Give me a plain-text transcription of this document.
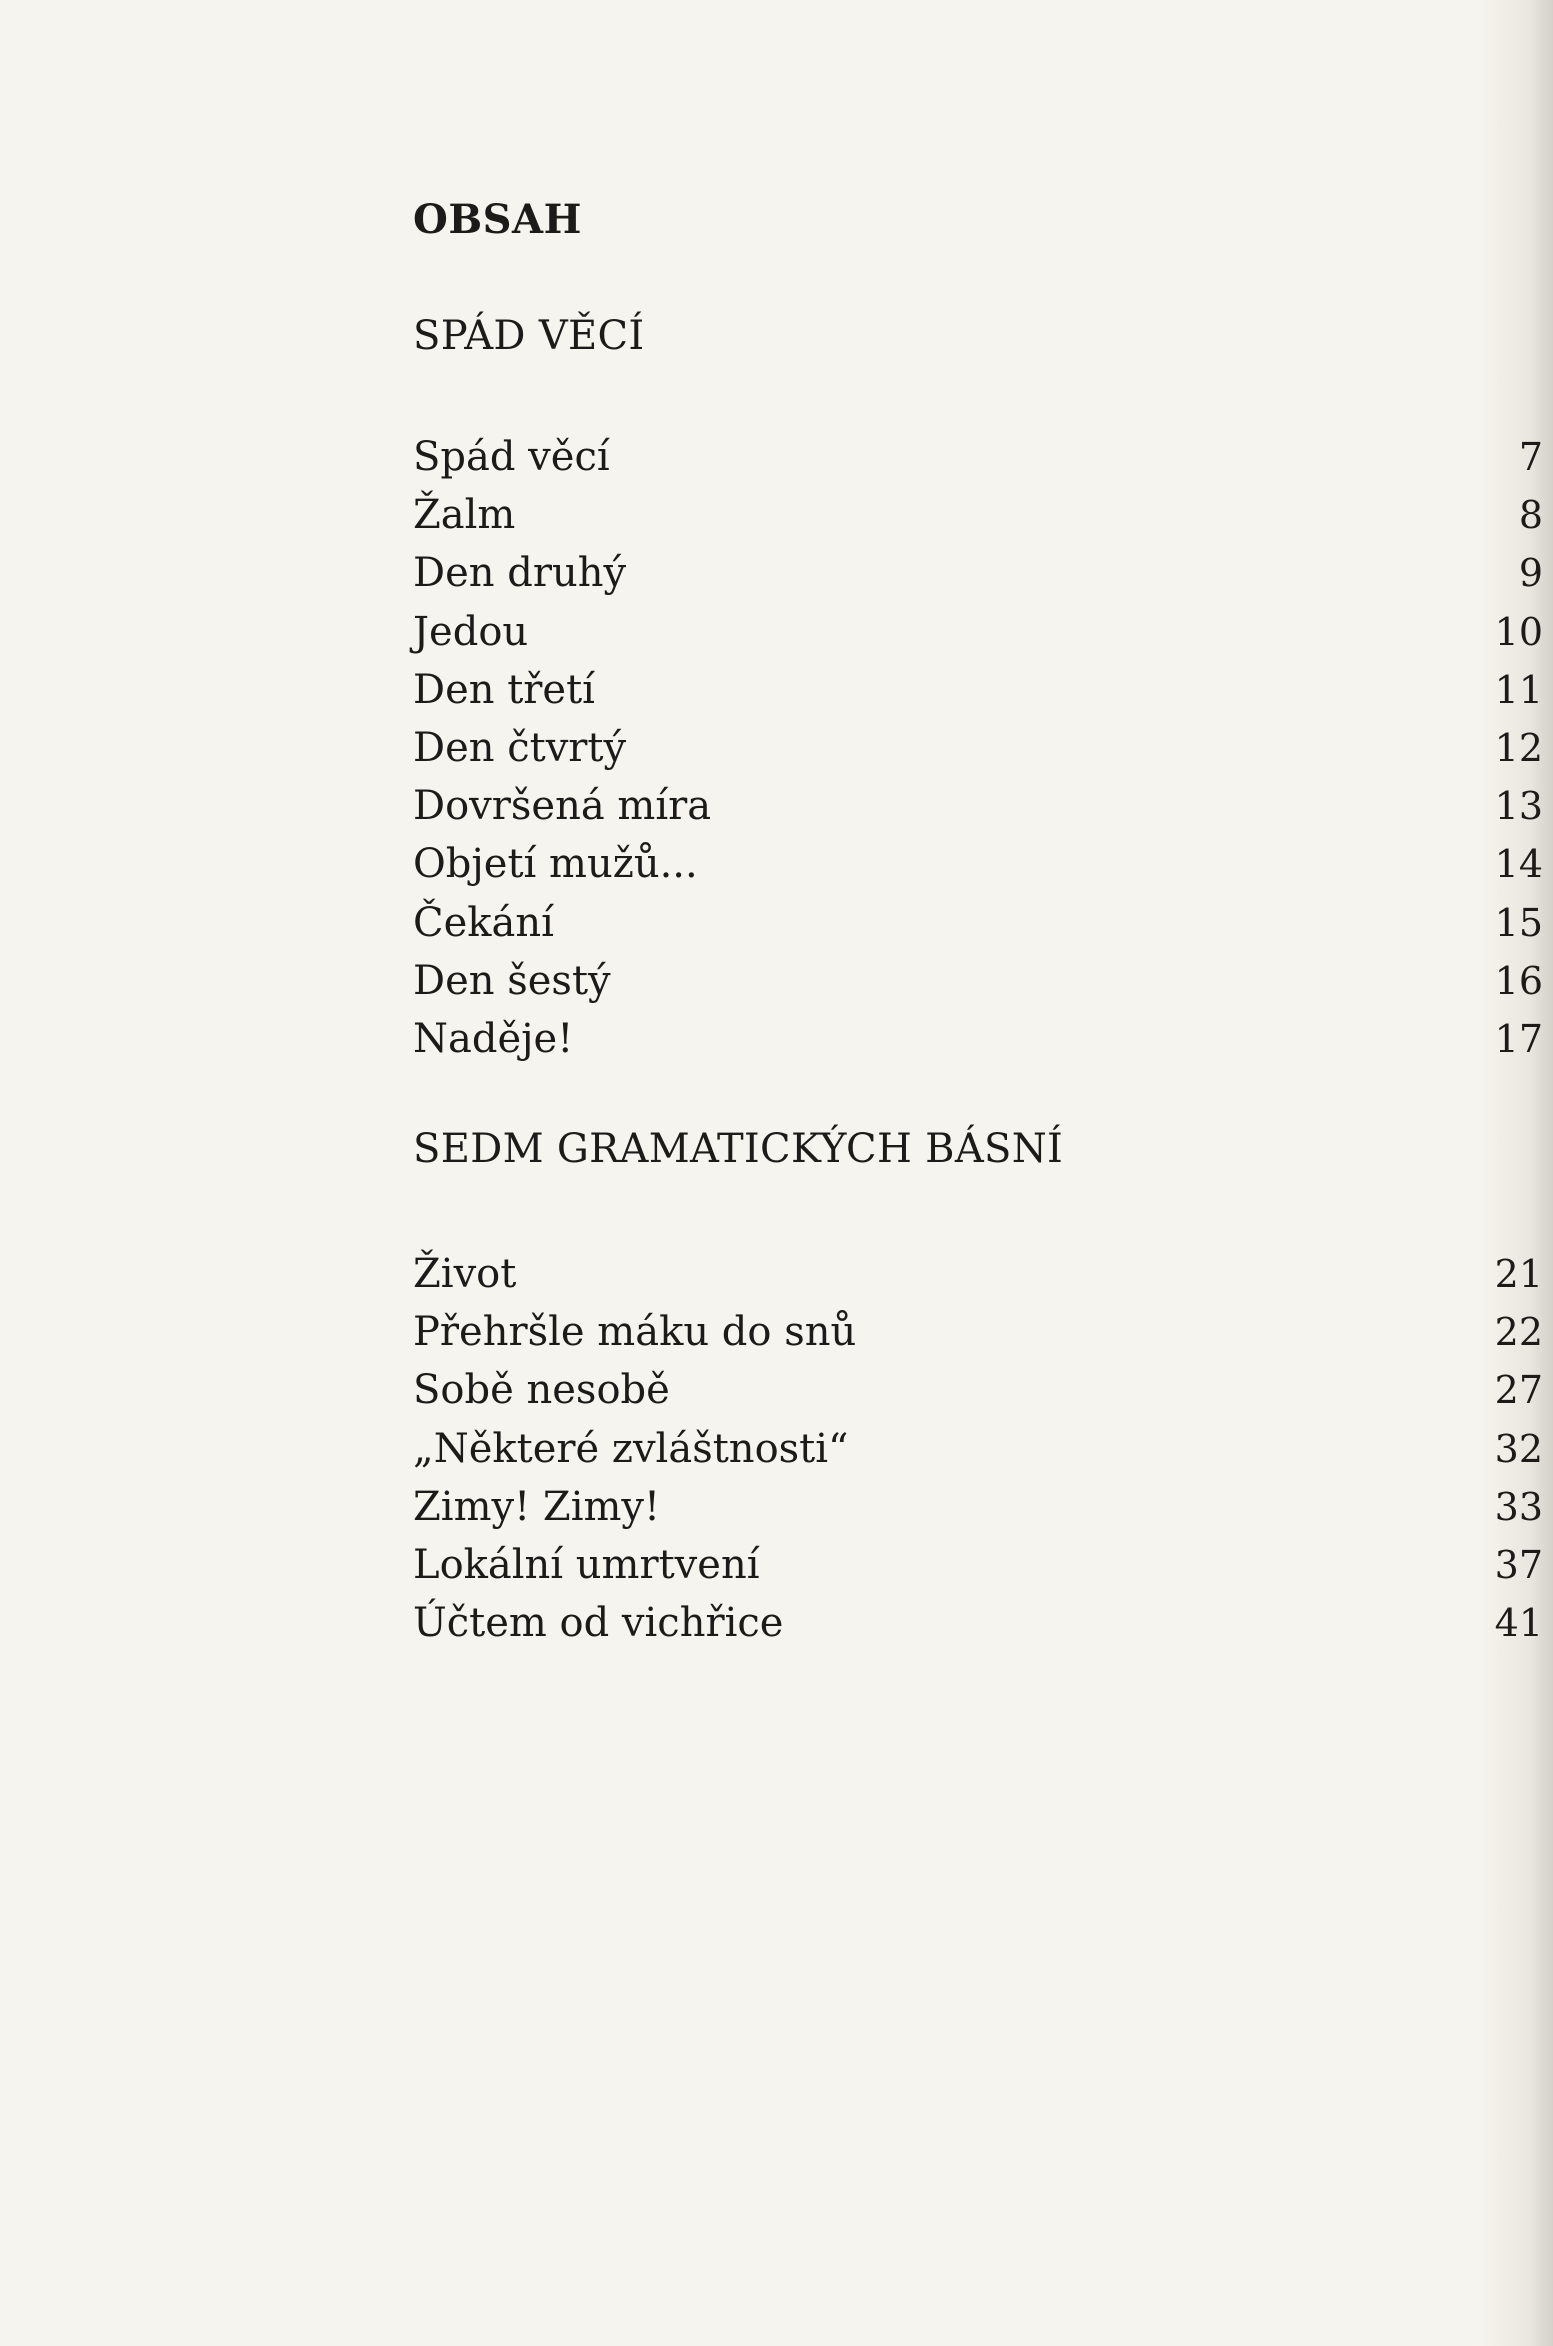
OBSAH
SPÁD VĚCÍ
Spád věcí	7
Žalm	8
Den druhý	9
Jedou	10
Den třetí	11
Den čtvrtý	12
Dovršená míra	13
Objetí mužů...	14
Čekání	15
Den šestý	16
Naděje!	17
SEDM GRAMATICKÝCH BÁSNÍ
Život	21
Přehršle máku do snů	22
Sobě nesobě	27
„Některé zvláštnosti“	32
Zimy! Zimy!	33
Lokální umrtvení	37
Účtem od vichřice	41
